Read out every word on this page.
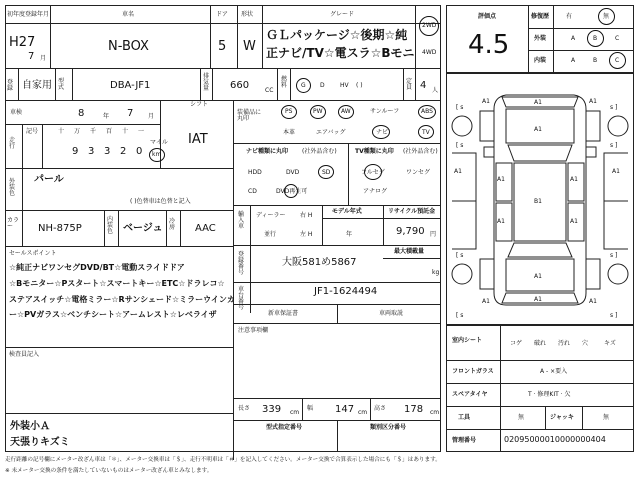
初年度登録年月
H27
7 月
車名
N-BOX
ドア
5
形状
W
グレード
ＧＬパッケージ☆後期☆純
正ナビ/TV☆電スラ☆Bモニ
2WD
4WD
登録 自家用 型式	DBA-JF1
排気量 660	CC
燃料 G D	HV ( )
定員 4 人
車検	8	年 7 月
シフト
IAT
走行
記号	十 万 千 百 十 一
9 3 3 2 0
マイル
km
外装色
パール
( )色替車は色替と記入
カラー	NH-875P
内装色 ベージュ
冷房 AAC
セールスポイント
☆純正ナビワンセグDVD/BT☆電動スライドドア
☆Bモニター☆Pスタート☆スマートキー☆ETC☆ドラレコ☆
ステアスイッチ☆電格ミラー☆Rサンシェード☆ミラーウインカ
ー☆PVガラス☆ベンチシート☆アームレスト☆レベライザ
検査員記入
外装小Ａ
天張りキズミ
装備品に丸印
PS	PW	AW	サンルーフ	ABS
本革	エアバッグ	ナビ	TV
ナビ種類に丸印 (社外品含む)	TV種類に丸印 (社外品含む)
HDD	DVD	SD
CD	DVD再生可
フルセグ	ワンセグ
アナログ
輸入車
ディーラー
並行
右 H
左 H
モデル年式
年
リサイクル預託金
9,790 円
最大積載量
kg
登録番号
大阪581め5867
車台番号
JF1-1624494
新車保証書	車両取説
注意事項欄
長さ 339 cm
幅 147 cm
高さ 178 cm
型式指定番号	類別区分番号
評価点
4.5
修復歴	有	無
外装	A	B	C
内装	A	B	C
A1
A1
A1	A1
A1	A1
A1	A1
A1	A1
A1
A1	A1
B1
A1
[ s	s ]
[ s	s ]
[ s	s ]
[ s	s ]
室内シート	コゲ 破れ 汚れ 穴	キズ
フロントガラス	A - ×要入
スペアタイヤ	T · 修理KIT · 欠
工具	無	ジャッキ	無
管理番号	02095000010000000404
走行距離の記号欄にメーター改ざん車は「＊」、メーター交換車は「＄」、走行不明車は「＃」を記入してください。メーター交換で合算表示した場合にも「＄」はあります。
※ 未メーター交換の条件を満たしていないものはメーター改ざん車とみなします。
